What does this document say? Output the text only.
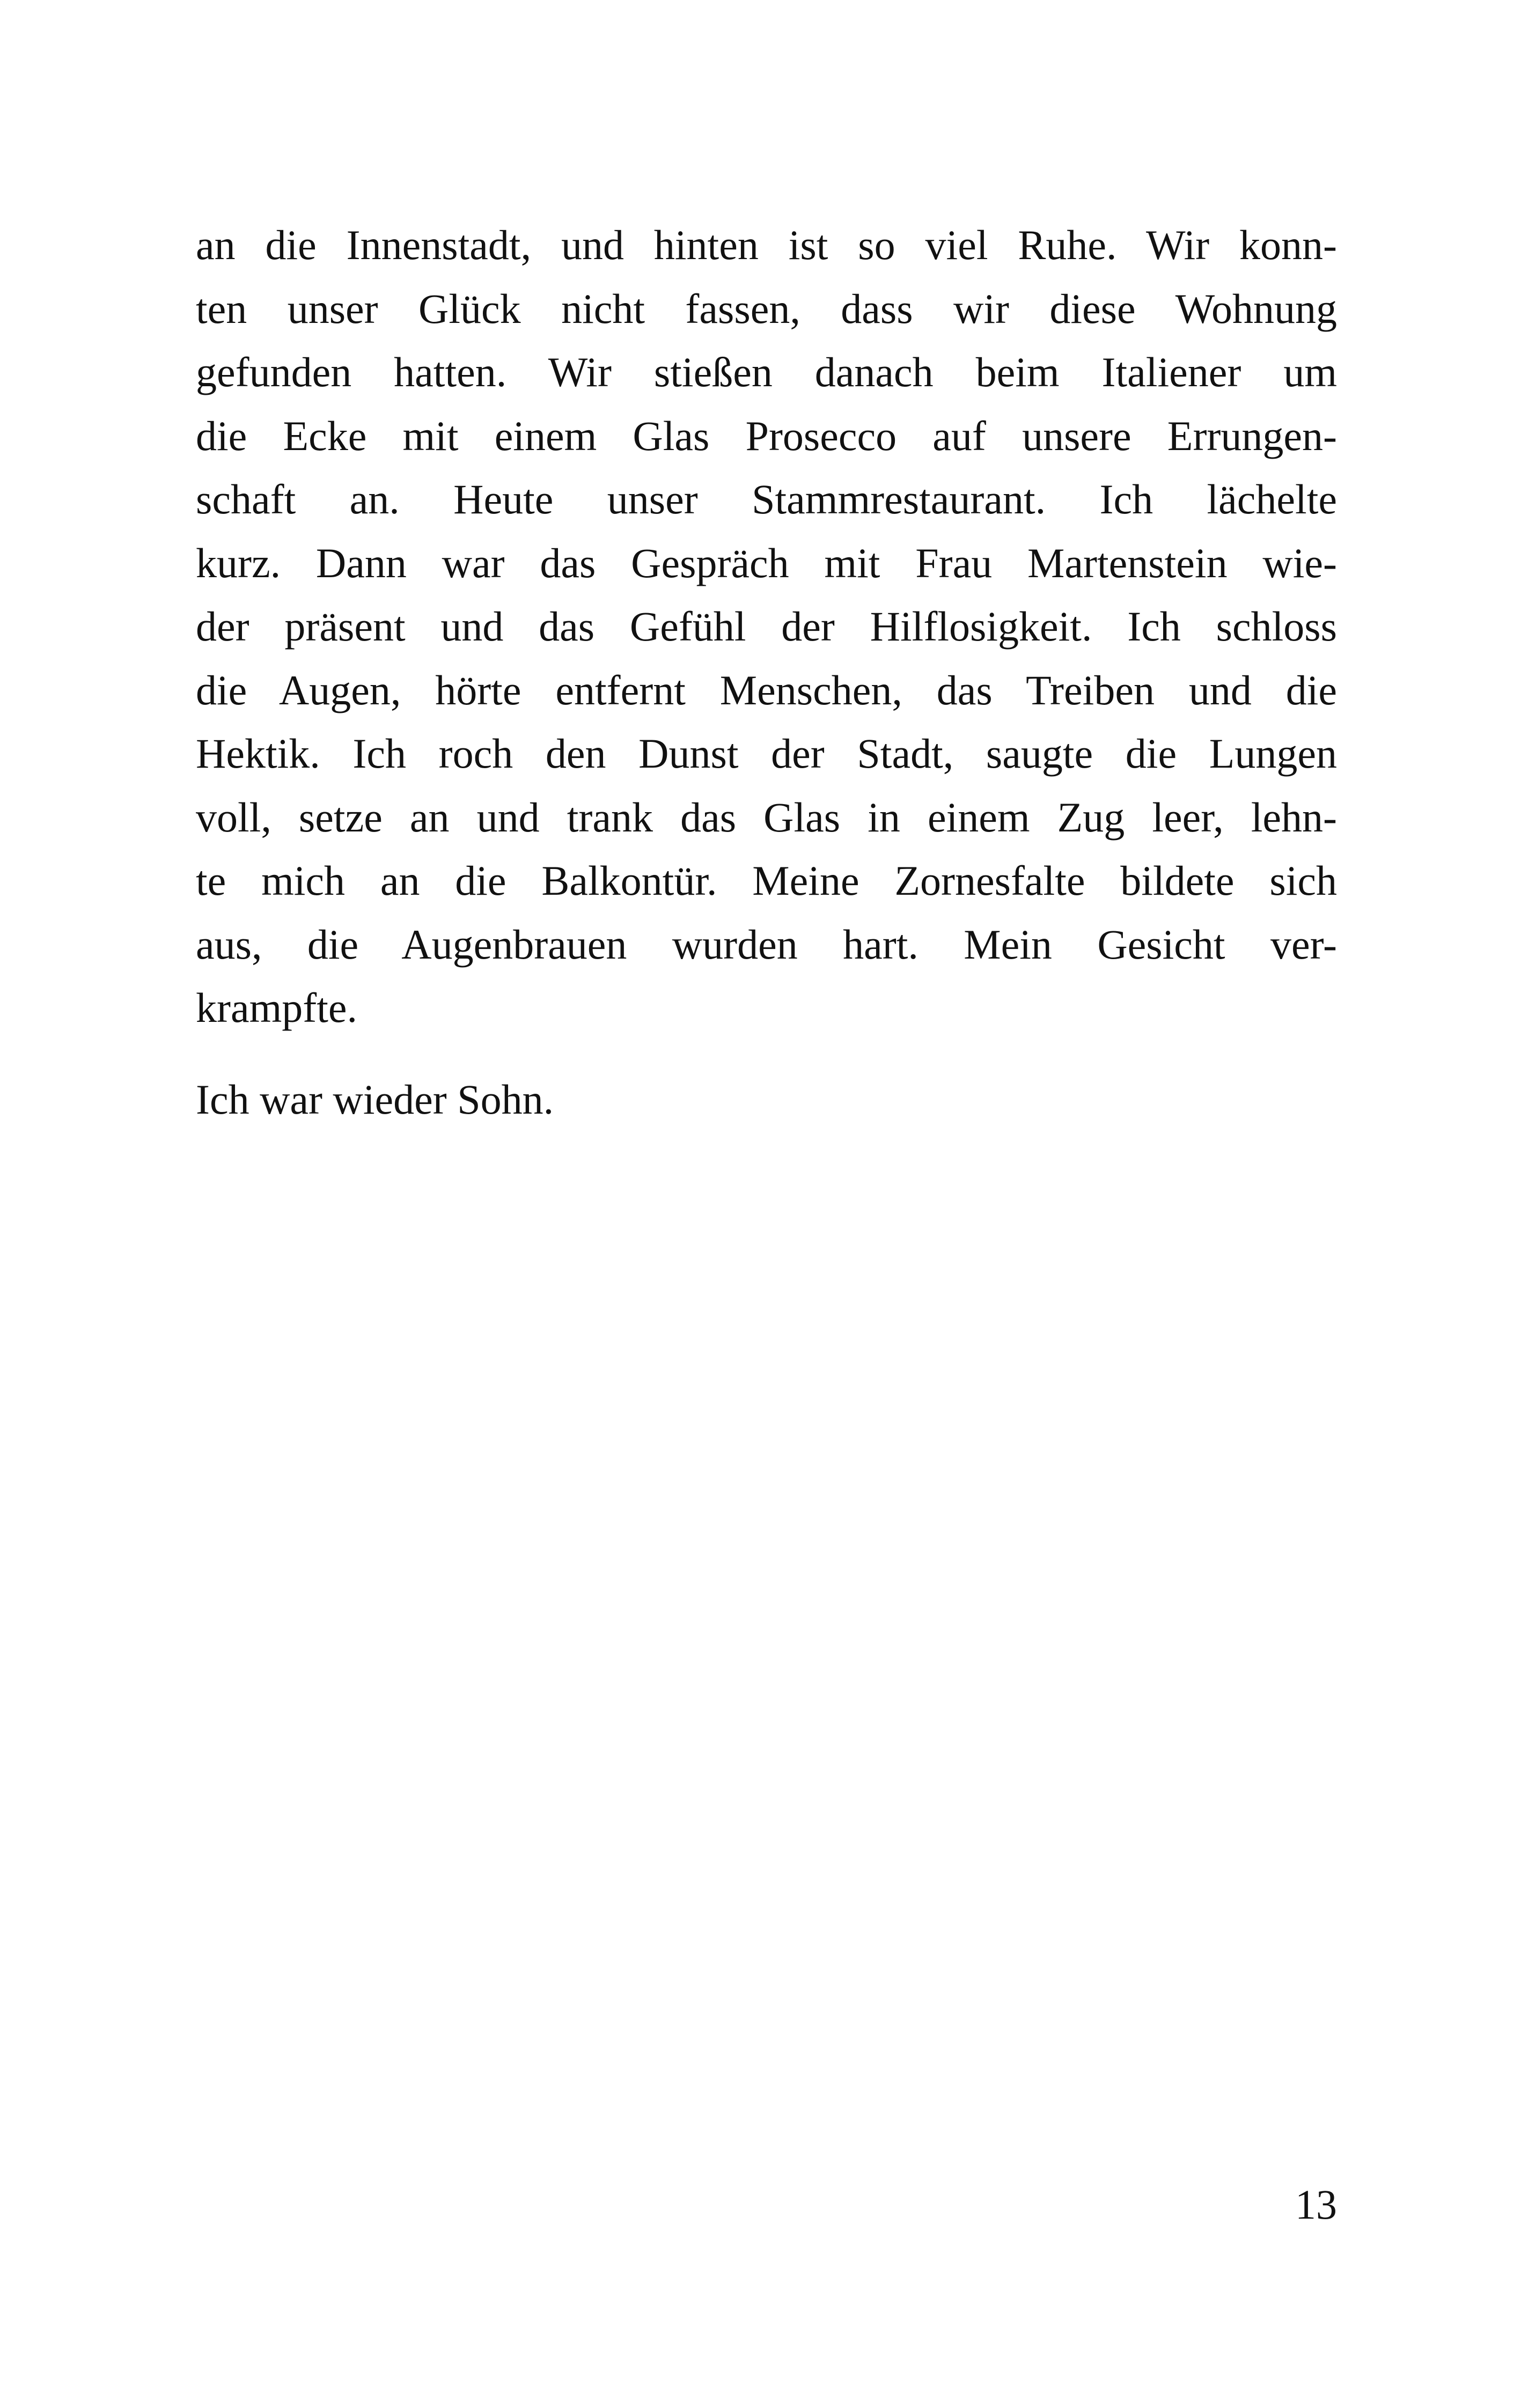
an die Innenstadt, und hinten ist so viel Ruhe. Wir konn-
ten unser Glück nicht fassen, dass wir diese Wohnung
gefunden hatten. Wir stießen danach beim Italiener um
die Ecke mit einem Glas Prosecco auf unsere Errungen-
schaft an. Heute unser Stammrestaurant. Ich lächelte
kurz. Dann war das Gespräch mit Frau Martenstein wie-
der präsent und das Gefühl der Hilflosigkeit. Ich schloss
die Augen, hörte entfernt Menschen, das Treiben und die
Hektik. Ich roch den Dunst der Stadt, saugte die Lungen
voll, setze an und trank das Glas in einem Zug leer, lehn-
te mich an die Balkontür. Meine Zornesfalte bildete sich
aus, die Augenbrauen wurden hart. Mein Gesicht ver-
krampfte.
Ich war wieder Sohn.
13
